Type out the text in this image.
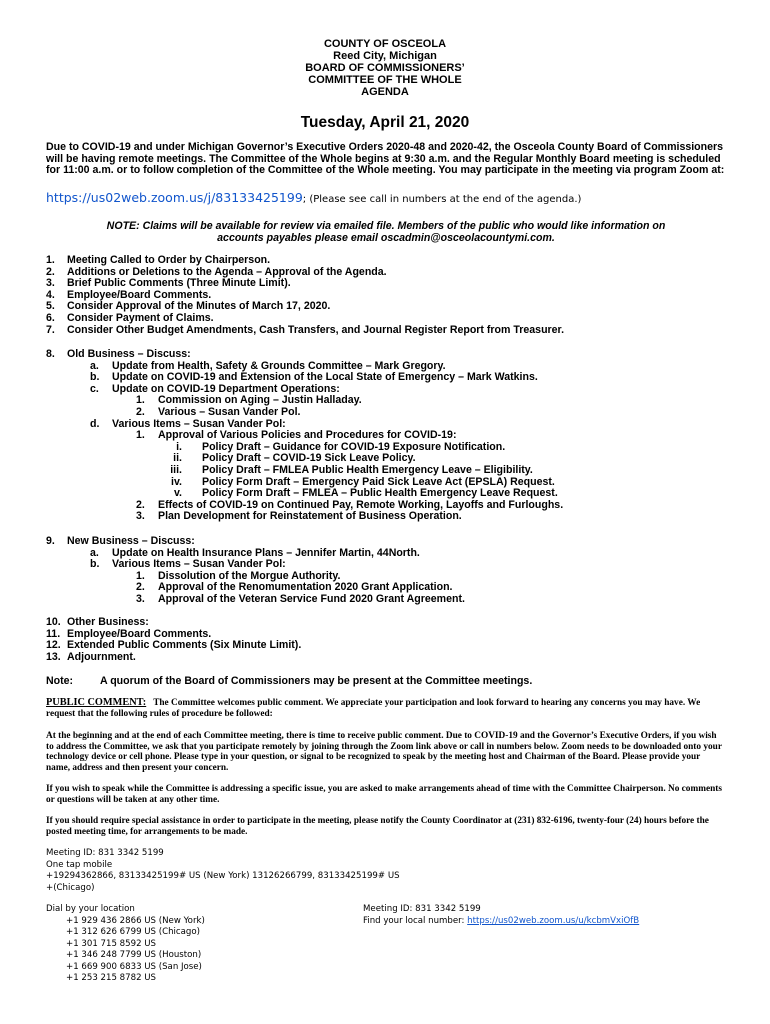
COUNTY OF OSCEOLA
Reed City, Michigan
BOARD OF COMMISSIONERS’
COMMITTEE OF THE WHOLE
AGENDA
Tuesday, April 21, 2020
Due to COVID-19 and under Michigan Governor’s Executive Orders 2020-48 and 2020-42, the Osceola County Board of Commissioners will be having remote meetings. The Committee of the Whole begins at 9:30 a.m. and the Regular Monthly Board meeting is scheduled for 11:00 a.m. or to follow completion of the Committee of the Whole meeting. You may participate in the meeting via program Zoom at:
https://us02web.zoom.us/j/83133425199; (Please see call in numbers at the end of the agenda.)
NOTE: Claims will be available for review via emailed file. Members of the public who would like information on
accounts payables please email oscadmin@osceolacountymi.com.
1. Meeting Called to Order by Chairperson.
2. Additions or Deletions to the Agenda – Approval of the Agenda.
3. Brief Public Comments (Three Minute Limit).
4. Employee/Board Comments.
5. Consider Approval of the Minutes of March 17, 2020.
6. Consider Payment of Claims.
7. Consider Other Budget Amendments, Cash Transfers, and Journal Register Report from Treasurer.
8. Old Business – Discuss:
a. Update from Health, Safety & Grounds Committee – Mark Gregory.
b. Update on COVID-19 and Extension of the Local State of Emergency – Mark Watkins.
c. Update on COVID-19 Department Operations:
1. Commission on Aging – Justin Halladay.
2. Various – Susan Vander Pol.
d. Various Items – Susan Vander Pol:
1. Approval of Various Policies and Procedures for COVID-19:
i. Policy Draft – Guidance for COVID-19 Exposure Notification.
ii. Policy Draft – COVID-19 Sick Leave Policy.
iii. Policy Draft – FMLEA Public Health Emergency Leave – Eligibility.
iv. Policy Form Draft – Emergency Paid Sick Leave Act (EPSLA) Request.
v. Policy Form Draft – FMLEA – Public Health Emergency Leave Request.
2. Effects of COVID-19 on Continued Pay, Remote Working, Layoffs and Furloughs.
3. Plan Development for Reinstatement of Business Operation.
9. New Business – Discuss:
a. Update on Health Insurance Plans – Jennifer Martin, 44North.
b. Various Items – Susan Vander Pol:
1. Dissolution of the Morgue Authority.
2. Approval of the Renomumentation 2020 Grant Application.
3. Approval of the Veteran Service Fund 2020 Grant Agreement.
10. Other Business:
11. Employee/Board Comments.
12. Extended Public Comments (Six Minute Limit).
13. Adjournment.
Note:	A quorum of the Board of Commissioners may be present at the Committee meetings.
PUBLIC COMMENT: The Committee welcomes public comment. We appreciate your participation and look forward to hearing any concerns you may have. We request that the following rules of procedure be followed:
At the beginning and at the end of each Committee meeting, there is time to receive public comment. Due to COVID-19 and the Governor’s Executive Orders, if you wish to address the Committee, we ask that you participate remotely by joining through the Zoom link above or call in numbers below. Zoom needs to be downloaded onto your technology device or cell phone. Please type in your question, or signal to be recognized to speak by the meeting host and Chairman of the Board. Please provide your name, address and then present your concern.
If you wish to speak while the Committee is addressing a specific issue, you are asked to make arrangements ahead of time with the Committee Chairperson. No comments or questions will be taken at any other time.
If you should require special assistance in order to participate in the meeting, please notify the County Coordinator at (231) 832-6196, twenty-four (24) hours before the posted meeting time, for arrangements to be made.
Meeting ID: 831 3342 5199
One tap mobile
+19294362866, 83133425199# US (New York) 13126266799, 83133425199# US
+(Chicago)
Dial by your location
+1 929 436 2866 US (New York)
+1 312 626 6799 US (Chicago)
+1 301 715 8592 US
+1 346 248 7799 US (Houston)
+1 669 900 6833 US (San Jose)
+1 253 215 8782 US
Meeting ID: 831 3342 5199
Find your local number: https://us02web.zoom.us/u/kcbmVxiOfB
